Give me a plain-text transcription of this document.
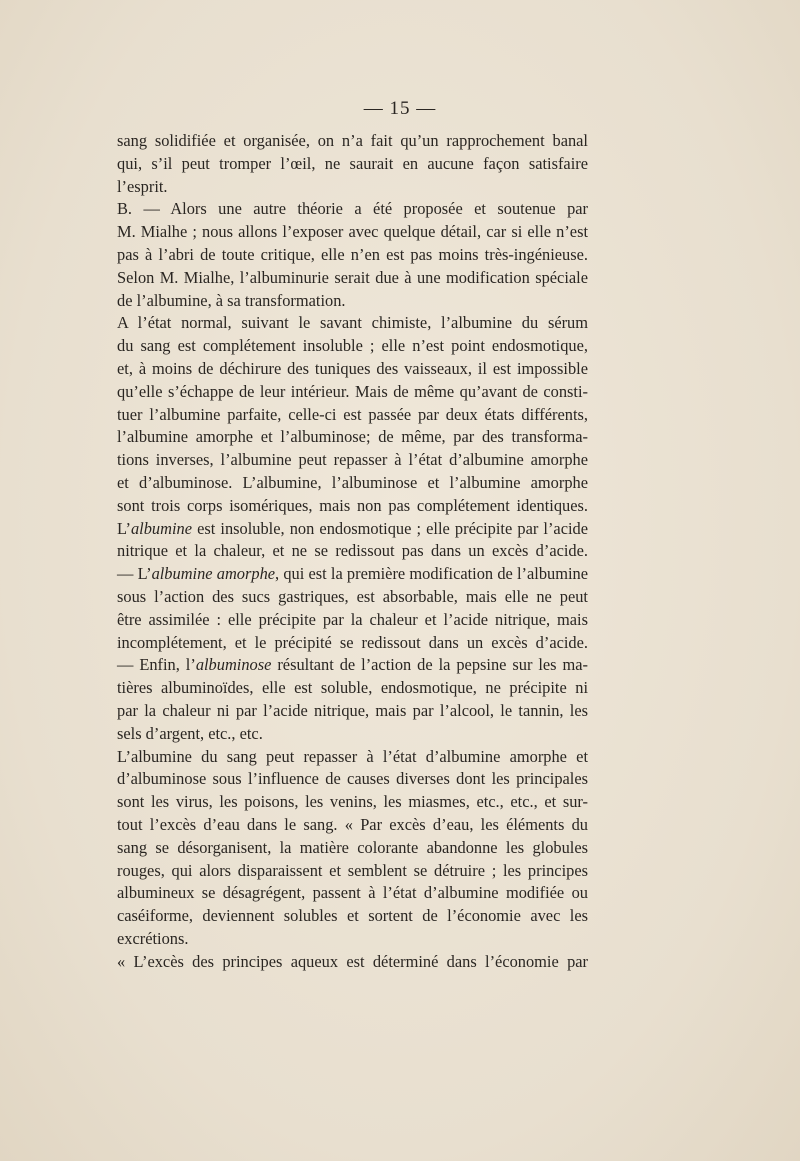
— 15 —
sang solidifiée et organisée, on n’a fait qu’un rapprochement banal
qui, s’il peut tromper l’œil, ne saurait en aucune façon satisfaire
l’esprit.
B. — Alors une autre théorie a été proposée et soutenue par
M. Mialhe ; nous allons l’exposer avec quelque détail, car si elle n’est
pas à l’abri de toute critique, elle n’en est pas moins très-ingénieuse.
Selon M. Mialhe, l’albuminurie serait due à une modification spéciale
de l’albumine, à sa transformation.
A l’état normal, suivant le savant chimiste, l’albumine du sérum
du sang est complétement insoluble ; elle n’est point endosmotique,
et, à moins de déchirure des tuniques des vaisseaux, il est impossible
qu’elle s’échappe de leur intérieur. Mais de même qu’avant de consti-
tuer l’albumine parfaite, celle-ci est passée par deux états différents,
l’albumine amorphe et l’albuminose; de même, par des transforma-
tions inverses, l’albumine peut repasser à l’état d’albumine amorphe
et d’albuminose. L’albumine, l’albuminose et l’albumine amorphe
sont trois corps isomériques, mais non pas complétement identiques.
L’albumine est insoluble, non endosmotique ; elle précipite par l’acide
nitrique et la chaleur, et ne se redissout pas dans un excès d’acide.
— L’albumine amorphe, qui est la première modification de l’albumine
sous l’action des sucs gastriques, est absorbable, mais elle ne peut
être assimilée : elle précipite par la chaleur et l’acide nitrique, mais
incomplétement, et le précipité se redissout dans un excès d’acide.
— Enfin, l’albuminose résultant de l’action de la pepsine sur les ma-
tières albuminoïdes, elle est soluble, endosmotique, ne précipite ni
par la chaleur ni par l’acide nitrique, mais par l’alcool, le tannin, les
sels d’argent, etc., etc.
L’albumine du sang peut repasser à l’état d’albumine amorphe et
d’albuminose sous l’influence de causes diverses dont les principales
sont les virus, les poisons, les venins, les miasmes, etc., etc., et sur-
tout l’excès d’eau dans le sang. « Par excès d’eau, les éléments du
sang se désorganisent, la matière colorante abandonne les globules
rouges, qui alors disparaissent et semblent se détruire ; les principes
albumineux se désagrégent, passent à l’état d’albumine modifiée ou
caséiforme, deviennent solubles et sortent de l’économie avec les
excrétions.
« L’excès des principes aqueux est déterminé dans l’économie par
